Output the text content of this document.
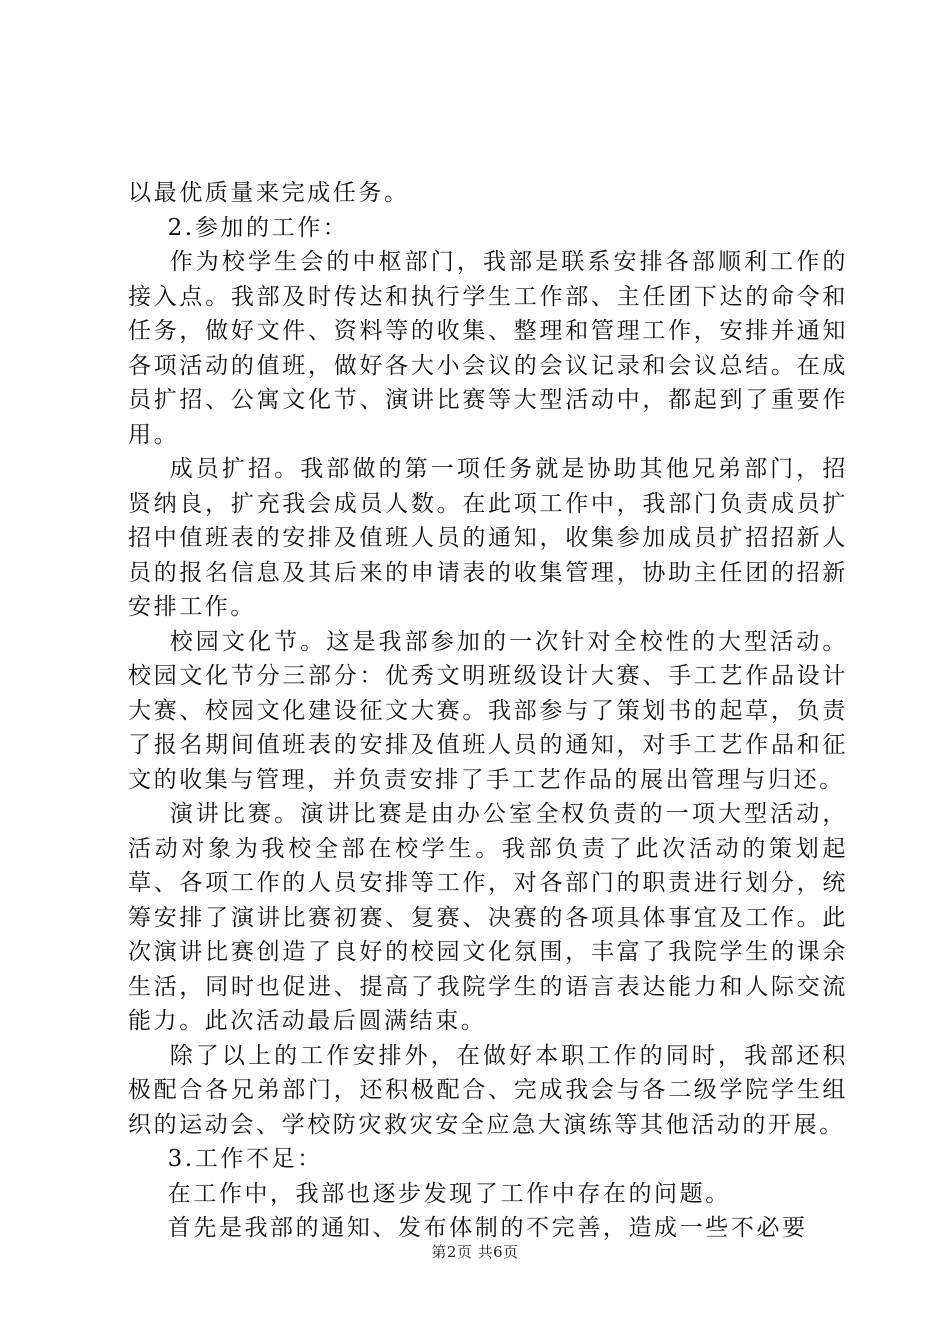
以最优质量来完成任务。

2.参加的工作：

作为校学生会的中枢部门，我部是联系安排各部顺利工作的接入点。我部及时传达和执行学生工作部、主任团下达的命令和任务，做好文件、资料等的收集、整理和管理工作，安排并通知各项活动的值班，做好各大小会议的会议记录和会议总结。在成员扩招、公寓文化节、演讲比赛等大型活动中，都起到了重要作用。

成员扩招。我部做的第一项任务就是协助其他兄弟部门，招贤纳良，扩充我会成员人数。在此项工作中，我部门负责成员扩招中值班表的安排及值班人员的通知，收集参加成员扩招招新人员的报名信息及其后来的申请表的收集管理，协助主任团的招新安排工作。

校园文化节。这是我部参加的一次针对全校性的大型活动。校园文化节分三部分：优秀文明班级设计大赛、手工艺作品设计大赛、校园文化建设征文大赛。我部参与了策划书的起草，负责了报名期间值班表的安排及值班人员的通知，对手工艺作品和征文的收集与管理，并负责安排了手工艺作品的展出管理与归还。

演讲比赛。演讲比赛是由办公室全权负责的一项大型活动，活动对象为我校全部在校学生。我部负责了此次活动的策划起草、各项工作的人员安排等工作，对各部门的职责进行划分，统筹安排了演讲比赛初赛、复赛、决赛的各项具体事宜及工作。此次演讲比赛创造了良好的校园文化氛围，丰富了我院学生的课余生活，同时也促进、提高了我院学生的语言表达能力和人际交流能力。此次活动最后圆满结束。

除了以上的工作安排外，在做好本职工作的同时，我部还积极配合各兄弟部门，还积极配合、完成我会与各二级学院学生组织的运动会、学校防灾救灾安全应急大演练等其他活动的开展。

3.工作不足：

在工作中，我部也逐步发现了工作中存在的问题。

首先是我部的通知、发布体制的不完善，造成一些不必要

第2页 共6页
